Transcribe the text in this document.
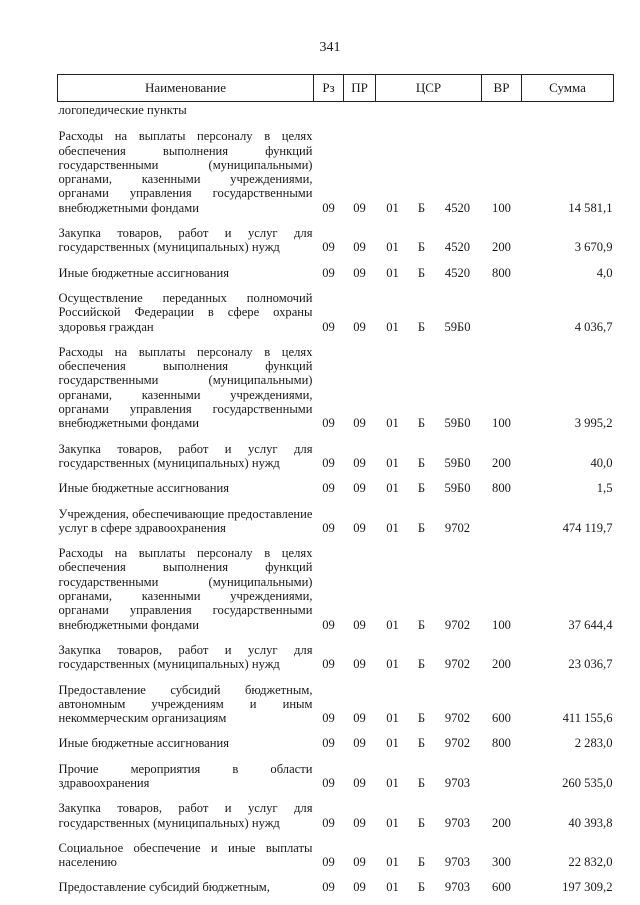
341
Наименование	Рз	ПР	ЦСР			ВР	Сумма

логопедические пункты							

Расходы на выплаты персоналу в целях обеспечения выполнения функций государственными (муниципальными) органами, казенными учреждениями, органами управления государственными внебюджетными фондами	09	09	01	Б	4520	100	14 581,1

Закупка товаров, работ и услуг для государственных (муниципальных) нужд	09	09	01	Б	4520	200	3 670,9

Иные бюджетные ассигнования	09	09	01	Б	4520	800	4,0

Осуществление переданных полномочий Российской Федерации в сфере охраны здоровья граждан	09	09	01	Б	59Б0		4 036,7

Расходы на выплаты персоналу в целях обеспечения выполнения функций государственными (муниципальными) органами, казенными учреждениями, органами управления государственными внебюджетными фондами	09	09	01	Б	59Б0	100	3 995,2

Закупка товаров, работ и услуг для государственных (муниципальных) нужд	09	09	01	Б	59Б0	200	40,0

Иные бюджетные ассигнования	09	09	01	Б	59Б0	800	1,5

Учреждения, обеспечивающие предоставление услуг в сфере здравоохранения	09	09	01	Б	9702		474 119,7

Расходы на выплаты персоналу в целях обеспечения выполнения функций государственными (муниципальными) органами, казенными учреждениями, органами управления государственными внебюджетными фондами	09	09	01	Б	9702	100	37 644,4

Закупка товаров, работ и услуг для государственных (муниципальных) нужд	09	09	01	Б	9702	200	23 036,7

Предоставление субсидий бюджетным, автономным учреждениям и иным некоммерческим организациям	09	09	01	Б	9702	600	411 155,6

Иные бюджетные ассигнования	09	09	01	Б	9702	800	2 283,0

Прочие мероприятия в области здравоохранения	09	09	01	Б	9703		260 535,0

Закупка товаров, работ и услуг для государственных (муниципальных) нужд	09	09	01	Б	9703	200	40 393,8

Социальное обеспечение и иные выплаты населению	09	09	01	Б	9703	300	22 832,0

Предоставление субсидий бюджетным,	09	09	01	Б	9703	600	197 309,2
